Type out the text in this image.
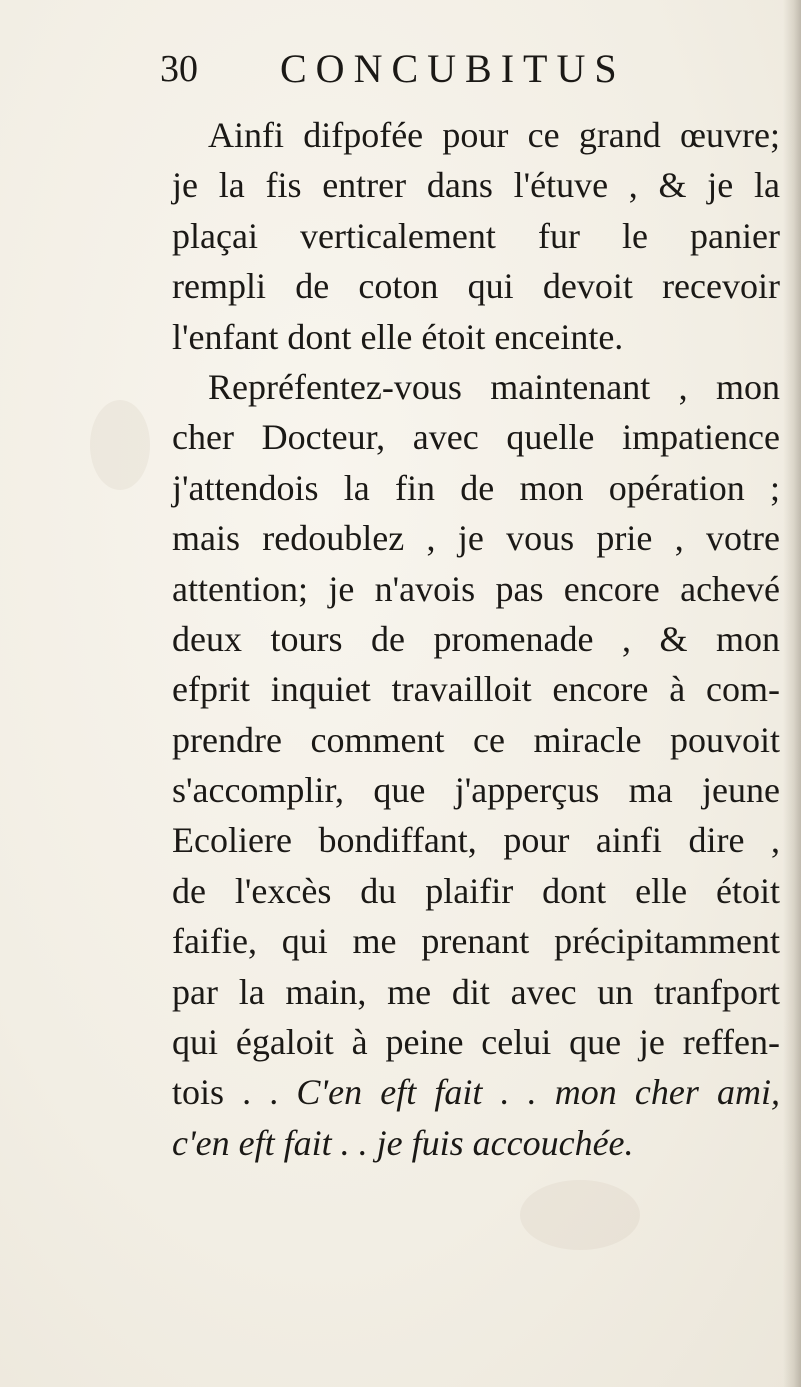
30 CONCUBITUS
Ainfi difpofée pour ce grand œuvre;
je la fis entrer dans l'étuve , & je la
plaçai verticalement fur le panier
rempli de coton qui devoit recevoir
l'enfant dont elle étoit enceinte.
Repréfentez-vous maintenant , mon
cher Docteur, avec quelle impatience
j'attendois la fin de mon opération ;
mais redoublez , je vous prie , votre
attention; je n'avois pas encore achevé
deux tours de promenade , & mon
efprit inquiet travailloit encore à com-
prendre comment ce miracle pouvoit
s'accomplir, que j'apperçus ma jeune
Ecoliere bondiffant, pour ainfi dire ,
de l'excès du plaifir dont elle étoit
faifie, qui me prenant précipitamment
par la main, me dit avec un tranfport
qui égaloit à peine celui que je reffen-
tois . . C'en eft fait . . mon cher ami,
c'en eft fait . . je fuis accouchée.
